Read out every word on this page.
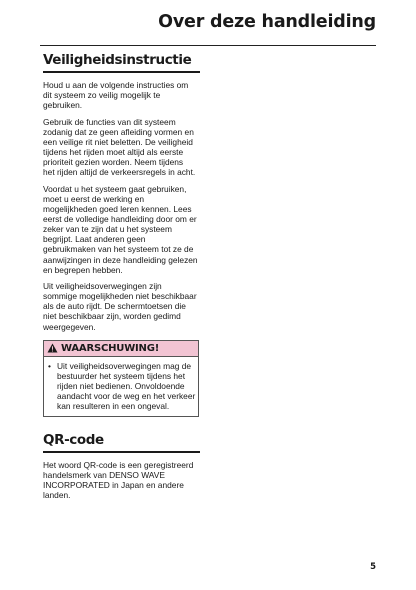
Over deze handleiding
Veiligheidsinstructie
Houd u aan de volgende instructies om
dit systeem zo veilig mogelijk te
gebruiken.
Gebruik de functies van dit systeem
zodanig dat ze geen afleiding vormen en
een veilige rit niet beletten. De veiligheid
tijdens het rijden moet altijd als eerste
prioriteit gezien worden. Neem tijdens
het rijden altijd de verkeersregels in acht.
Voordat u het systeem gaat gebruiken,
moet u eerst de werking en
mogelijkheden goed leren kennen. Lees
eerst de volledige handleiding door om er
zeker van te zijn dat u het systeem
begrijpt. Laat anderen geen
gebruikmaken van het systeem tot ze de
aanwijzingen in deze handleiding gelezen
en begrepen hebben.
Uit veiligheidsoverwegingen zijn
sommige mogelijkheden niet beschikbaar
als de auto rijdt. De schermtoetsen die
niet beschikbaar zijn, worden gedimd
weergegeven.
WAARSCHUWING!
• Uit veiligheidsoverwegingen mag de
bestuurder het systeem tijdens het
rijden niet bedienen. Onvoldoende
aandacht voor de weg en het verkeer
kan resulteren in een ongeval.
QR-code
Het woord QR-code is een geregistreerd
handelsmerk van DENSO WAVE
INCORPORATED in Japan en andere
landen.
5
